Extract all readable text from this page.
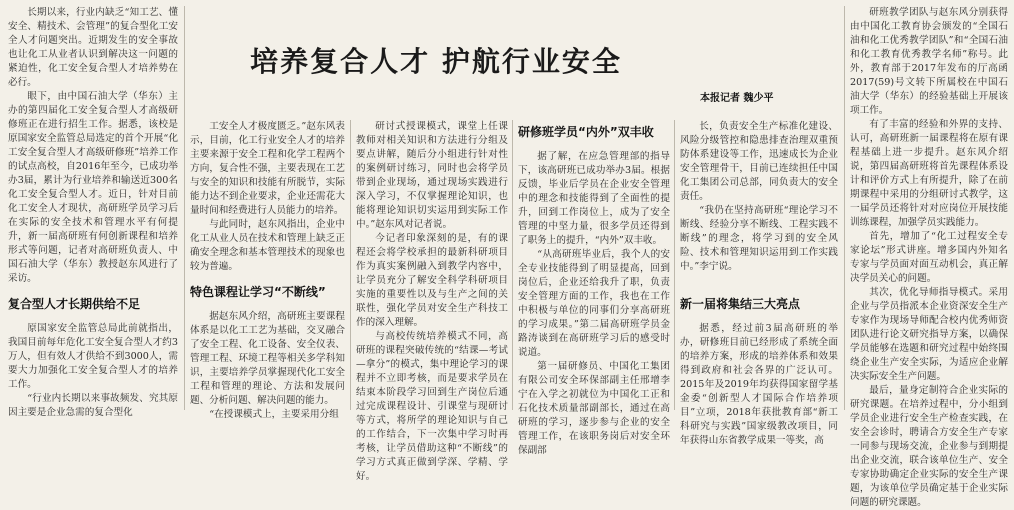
培养复合人才 护航行业安全
本报记者 魏少平

长期以来，行业内缺乏“知工艺、懂安全、精技术、会管理”的复合型化工安全人才问题突出。近期发生的安全事故也让化工从业者认识到解决这一问题的紧迫性，化工安全复合型人才培养势在必行。

眼下，由中国石油大学（华东）主办的第四届化工安全复合型人才高级研修班正在进行招生工作。据悉，该校是原国家安全监管总局选定的首个开展“化工安全复合型人才高级研修班”培养工作的试点高校，自2016年至今，已成功举办3届，累计为行业培养和输送近300名化工安全复合型人才。近日，针对目前化工安全人才现状，高研班学员学习后在实际的安全技术和管理水平有何提升，新一届高研班有何创新课程和培养形式等问题，记者对高研班负责人、中国石油大学（华东）教授赵东风进行了采访。

复合型人才长期供给不足

原国家安全监管总局此前就指出，我国目前每年危化工安全复合型人才约3万人，但有效人才供给不到3000人，需要大力加强化工安全复合型人才的培养工作。

“行业内长期以来事故频发、究其原因主要是企业急需的复合型化

工安全人才极度匮乏。”赵东风表示，目前，化工行业安全人才的培养主要来源于安全工程和化学工程两个方向，复合性不强，主要表现在工艺与安全的知识和技能有所脱节，实际能力达不到企业要求，企业还需花大量时间和经费进行人员能力的培养。

与此同时，赵东风指出，企业中化工从业人员在技术和管理上缺乏正确安全理念和基本管理技术的现象也较为普遍。

特色课程让学习“不断线”

据赵东风介绍，高研班主要课程体系是以化工工艺为基础，交叉融合了安全工程、化工设备、安全仪表、管理工程、环境工程等相关多学科知识，主要培养学员掌握现代化工安全工程和管理的理论、方法和发展问题、分析问题、解决问题的能力。

“在授课模式上，主要采用分组

研讨式授课模式，课堂上任课教师对相关知识和方法进行分组及要点讲解，随后分小组进行针对性的案例研讨练习，同时也会将学员带到企业现场，通过现场实践进行深入学习，不仅掌握理论知识，也能将理论知识切实运用到实际工作中。”赵东风对记者说。

今记者印象深刻的是，有的课程还会将学校承担的最新科研项目作为真实案例融入到教学内容中，让学员充分了解安全科学科研项目实施的重要性以及与生产之间的关联性，强化学员对安全生产科技工作的深入理解。

与高校传统培养模式不同，高研班的课程突破传统的“结课—考试—拿分”的模式，集中理论学习的课程并不立即考核，而是要求学员在结束本阶段学习回到生产岗位后通过完成课程设计、引课堂与现研讨等方式，将所学的理论知识与自己的工作结合，下一次集中学习时再考核，让学员借助这种“不断线”的学习方式真正做到学深、学精、学好。

研修班学员“内外”双丰收

据了解，在应急管理部的指导下，该高研班已成功举办3届。根据反馈，毕业后学员在企业安全管理中的理念和技能得到了全面性的提升，回到工作岗位上，成为了安全管理的中坚力量，很多学员还得到了职务上的提升，“内外”双丰收。

“从高研班毕业后，我个人的安全专业技能得到了明显提高，回到岗位后，企业还给我升了职，负责安全管理方面的工作，我也在工作中积极与单位的同事们分享高研班的学习成果。”第二届高研班学员金路涛谈到在高研班学习后的感受时说道。

第一届研修员、中国化工集团有限公司安全环保部副主任邢增李宁在入学之初就位为中国化工正和石化技术质量部副部长，通过在高研班的学习，逐步参与企业的安全管理工作，在该职务岗后对安全环保副部

长，负责安全生产标准化建设、风险分级管控和隐患排查治理双重预防体系建设等工作，迅速成长为企业安全管理骨干，目前已连续担任中国化工集团公司总部，同负责大的安全责任。

“我仍在坚持高研班“理论学习不断线、经验分享不断线、工程实践不断线”的理念，将学习到的安全风险、技术和管理知识运用到工作实践中。”李宁说。

新一届将集结三大亮点

据悉，经过前3届高研班的举办，研修班目前已经形成了系统全面的培养方案，形成的培养体系和效果得到政府和社会各界的广泛认可。2015年及2019年均获得国家留学基金委“创新型人才国际合作培养项目”立项，2018年获批教育部“新工科研究与实践”国家级教改项目，同年获得山东省教学成果一等奖，高

研班教学团队与赵东风分别获得由中国化工教育协会颁发的“全国石油和化工优秀教学团队”和“全国石油和化工教育优秀教学名师”称号。此外，教育部于2017年发布的厅高函2017(59)号文转下所属校在中国石油大学（华东）的经验基础上开展该项工作。

有了丰富的经验和外界的支持、认可，高研班新一届课程将在原有课程基础上进一步提升。赵东风介绍说，第四届高研班将首先课程体系设计和评价方式上有所提升，除了在前期课程中采用的分组研讨式教学，这一届学员还将针对对应岗位开展技能训练课程，加强学员实践能力。

首先，增加了“化工过程安全专家论坛”形式讲座。增多国内外知名专家与学员面对面互动机会，真正解决学员关心的问题。

其次，优化导师指导模式。采用企业与学员指派本企业资深安全生产专家作为现场导师配合校内优秀师资团队进行论文研究指导方案，以确保学员能够在选题和研究过程中始终围绕企业生产安全实际，为适应企业解决实际安全生产问题。

最后，量身定制符合企业实际的研究课题。在培养过程中，分小组到学员企业进行安全生产检查实践，在安全会诊时，聘请合方安全生产专家一同参与现场交流，企业参与到期提出企业交流，联合该单位生产、安全专家协助确定企业实际的安全生产课题，为该单位学员确定基于企业实际问题的研究课题。
